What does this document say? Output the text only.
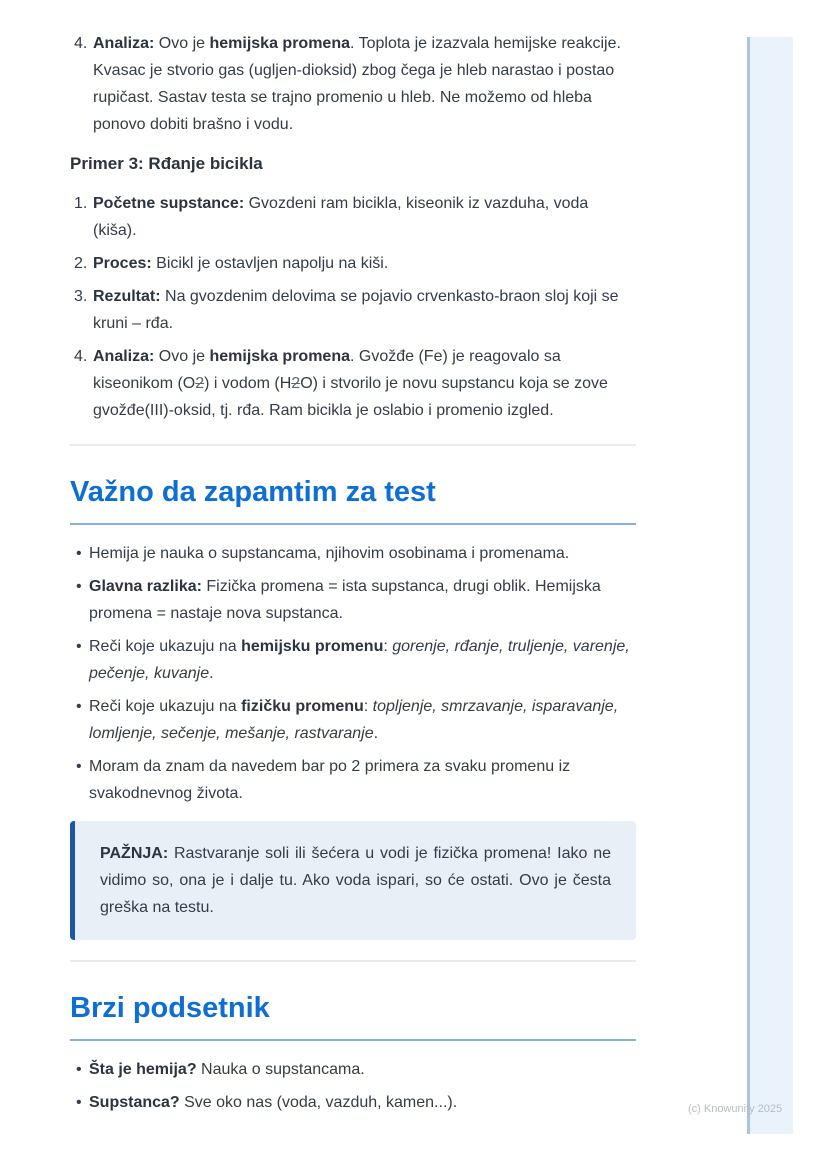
4. Analiza: Ovo je hemijska promena. Toplota je izazvala hemijske reakcije. Kvasac je stvorio gas (ugljen-dioksid) zbog čega je hleb narastao i postao rupičast. Sastav testa se trajno promenio u hleb. Ne možemo od hleba ponovo dobiti brašno i vodu.
Primer 3: Rđanje bicikla
1. Početne supstance: Gvozdeni ram bicikla, kiseonik iz vazduha, voda (kiša).
2. Proces: Bicikl je ostavljen napolju na kiši.
3. Rezultat: Na gvozdenim delovima se pojavio crvenkasto-braon sloj koji se kruni – rđa.
4. Analiza: Ovo je hemijska promena. Gvožđe (Fe) je reagovalo sa kiseonikom (O2) i vodom (H2O) i stvorilo je novu supstancu koja se zove gvožđe(III)-oksid, tj. rđa. Ram bicikla je oslabio i promenio izgled.
Važno da zapamtim za test
• Hemija je nauka o supstancama, njihovim osobinama i promenama.
• Glavna razlika: Fizička promena = ista supstanca, drugi oblik. Hemijska promena = nastaje nova supstanca.
• Reči koje ukazuju na hemijsku promenu: gorenje, rđanje, truljenje, varenje, pečenje, kuvanje.
• Reči koje ukazuju na fizičku promenu: topljenje, smrzavanje, isparavanje, lomljenje, sečenje, mešanje, rastvaranje.
• Moram da znam da navedem bar po 2 primera za svaku promenu iz svakodnevnog života.

PAŽNJA: Rastvaranje soli ili šećera u vodi je fizička promena! Iako ne vidimo so, ona je i dalje tu. Ako voda ispari, so će ostati. Ovo je česta greška na testu.

Brzi podsetnik
• Šta je hemija? Nauka o supstancama.
• Supstanca? Sve oko nas (voda, vazduh, kamen...).	(c) Knowunity 2025
